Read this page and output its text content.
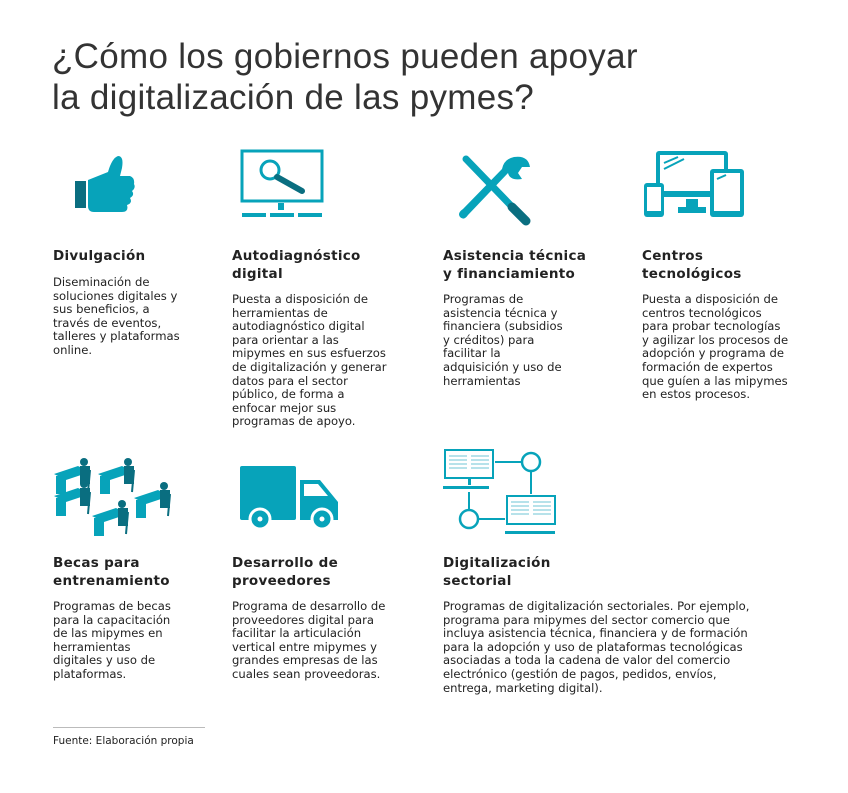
¿Cómo los gobiernos pueden apoyar
la digitalización de las pymes?
Divulgación
Diseminación de
soluciones digitales y
sus beneficios, a
través de eventos,
talleres y plataformas
online.
Autodiagnóstico
digital
Puesta a disposición de
herramientas de
autodiagnóstico digital
para orientar a las
mipymes en sus esfuerzos
de digitalización y generar
datos para el sector
público, de forma a
enfocar mejor sus
programas de apoyo.
Asistencia técnica
y financiamiento
Programas de
asistencia técnica y
financiera (subsidios
y créditos) para
facilitar la
adquisición y uso de
herramientas
Centros
tecnológicos
Puesta a disposición de
centros tecnológicos
para probar tecnologías
y agilizar los procesos de
adopción y programa de
formación de expertos
que guíen a las mipymes
en estos procesos.
Becas para
entrenamiento
Programas de becas
para la capacitación
de las mipymes en
herramientas
digitales y uso de
plataformas.
Desarrollo de
proveedores
Programa de desarrollo de
proveedores digital para
facilitar la articulación
vertical entre mipymes y
grandes empresas de las
cuales sean proveedoras.
Digitalización
sectorial
Programas de digitalización sectoriales. Por ejemplo,
programa para mipymes del sector comercio que
incluya asistencia técnica, financiera y de formación
para la adopción y uso de plataformas tecnológicas
asociadas a toda la cadena de valor del comercio
electrónico (gestión de pagos, pedidos, envíos,
entrega, marketing digital).
Fuente: Elaboración propia
